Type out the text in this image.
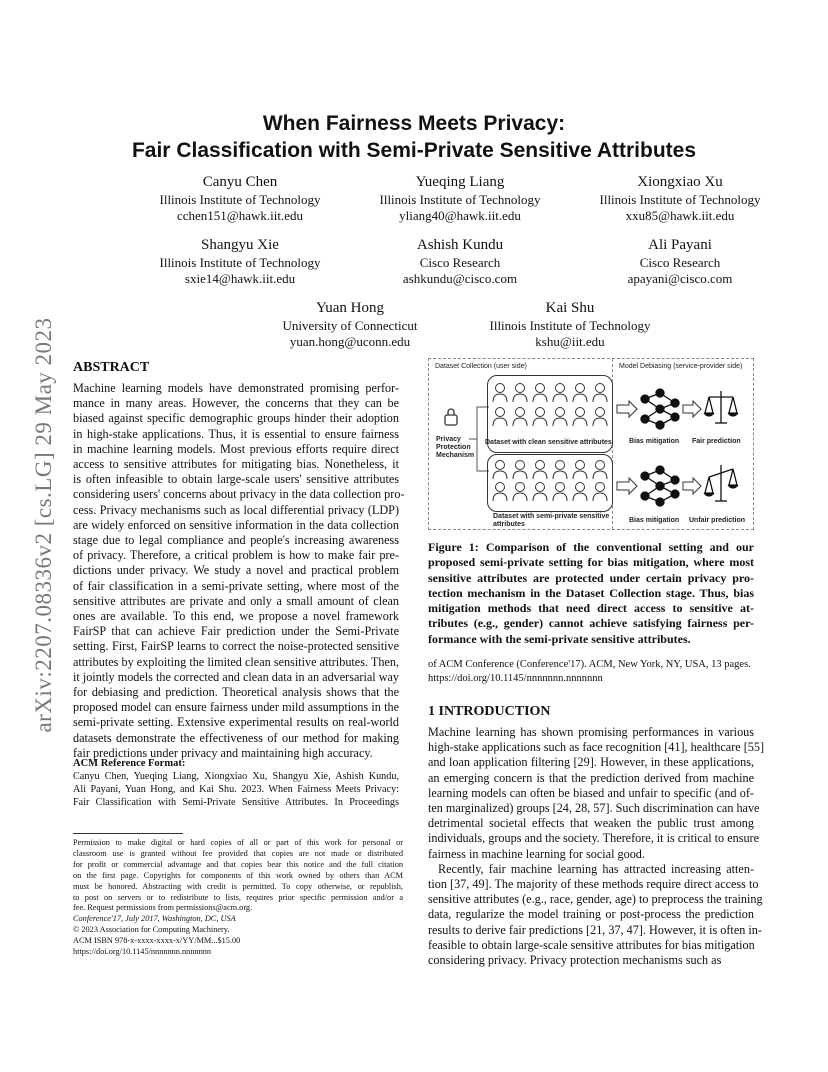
arXiv:2207.08336v2 [cs.LG] 29 May 2023
When Fairness Meets Privacy:
Fair Classification with Semi-Private Sensitive Attributes
Canyu Chen
Illinois Institute of Technology
cchen151@hawk.iit.edu
Yueqing Liang
Illinois Institute of Technology
yliang40@hawk.iit.edu
Xiongxiao Xu
Illinois Institute of Technology
xxu85@hawk.iit.edu
Shangyu Xie
Illinois Institute of Technology
sxie14@hawk.iit.edu
Ashish Kundu
Cisco Research
ashkundu@cisco.com
Ali Payani
Cisco Research
apayani@cisco.com
Yuan Hong
University of Connecticut
yuan.hong@uconn.edu
Kai Shu
Illinois Institute of Technology
kshu@iit.edu
ABSTRACT
Machine learning models have demonstrated promising perfor-
mance in many areas. However, the concerns that they can be
biased against specific demographic groups hinder their adoption
in high-stake applications. Thus, it is essential to ensure fairness
in machine learning models. Most previous efforts require direct
access to sensitive attributes for mitigating bias. Nonetheless, it
is often infeasible to obtain large-scale users' sensitive attributes
considering users' concerns about privacy in the data collection pro-
cess. Privacy mechanisms such as local differential privacy (LDP)
are widely enforced on sensitive information in the data collection
stage due to legal compliance and people's increasing awareness
of privacy. Therefore, a critical problem is how to make fair pre-
dictions under privacy. We study a novel and practical problem
of fair classification in a semi-private setting, where most of the
sensitive attributes are private and only a small amount of clean
ones are available. To this end, we propose a novel framework
FairSP that can achieve Fair prediction under the Semi-Private
setting. First, FairSP learns to correct the noise-protected sensitive
attributes by exploiting the limited clean sensitive attributes. Then,
it jointly models the corrected and clean data in an adversarial way
for debiasing and prediction. Theoretical analysis shows that the
proposed model can ensure fairness under mild assumptions in the
semi-private setting. Extensive experimental results on real-world
datasets demonstrate the effectiveness of our method for making
fair predictions under privacy and maintaining high accuracy.
ACM Reference Format:
Canyu Chen, Yueqing Liang, Xiongxiao Xu, Shangyu Xie, Ashish Kundu,
Ali Payani, Yuan Hong, and Kai Shu. 2023. When Fairness Meets Privacy:
Fair Classification with Semi-Private Sensitive Attributes. In Proceedings
Permission to make digital or hard copies of all or part of this work for personal or
classroom use is granted without fee provided that copies are not made or distributed
for profit or commercial advantage and that copies bear this notice and the full citation
on the first page. Copyrights for components of this work owned by others than ACM
must be honored. Abstracting with credit is permitted. To copy otherwise, or republish,
to post on servers or to redistribute to lists, requires prior specific permission and/or a
fee. Request permissions from permissions@acm.org.
Conference'17, July 2017, Washington, DC, USA
© 2023 Association for Computing Machinery.
ACM ISBN 978-x-xxxx-xxxx-x/YY/MM...$15.00
https://doi.org/10.1145/nnnnnnn.nnnnnnn
Dataset Collection (user side)	Model Debiasing (service-provider side)
Privacy
Protection
Mechanism
Dataset with clean sensitive attributes
Dataset with semi-private sensitive
attributes
Bias mitigation Fair prediction
Bias mitigation Unfair prediction
Figure 1: Comparison of the conventional setting and our
proposed semi-private setting for bias mitigation, where most
sensitive attributes are protected under certain privacy pro-
tection mechanism in the Dataset Collection stage. Thus, bias
mitigation methods that need direct access to sensitive at-
tributes (e.g., gender) cannot achieve satisfying fairness per-
formance with the semi-private sensitive attributes.
of ACM Conference (Conference'17). ACM, New York, NY, USA, 13 pages.
https://doi.org/10.1145/nnnnnnn.nnnnnnn
1 INTRODUCTION
Machine learning has shown promising performances in various
high-stake applications such as face recognition [41], healthcare [55]
and loan application filtering [29]. However, in these applications,
an emerging concern is that the prediction derived from machine
learning models can often be biased and unfair to specific (and of-
ten marginalized) groups [24, 28, 57]. Such discrimination can have
detrimental societal effects that weaken the public trust among
individuals, groups and the society. Therefore, it is critical to ensure
fairness in machine learning for social good.
Recently, fair machine learning has attracted increasing atten-
tion [37, 49]. The majority of these methods require direct access to
sensitive attributes (e.g., race, gender, age) to preprocess the training
data, regularize the model training or post-process the prediction
results to derive fair predictions [21, 37, 47]. However, it is often in-
feasible to obtain large-scale sensitive attributes for bias mitigation
considering privacy. Privacy protection mechanisms such as
